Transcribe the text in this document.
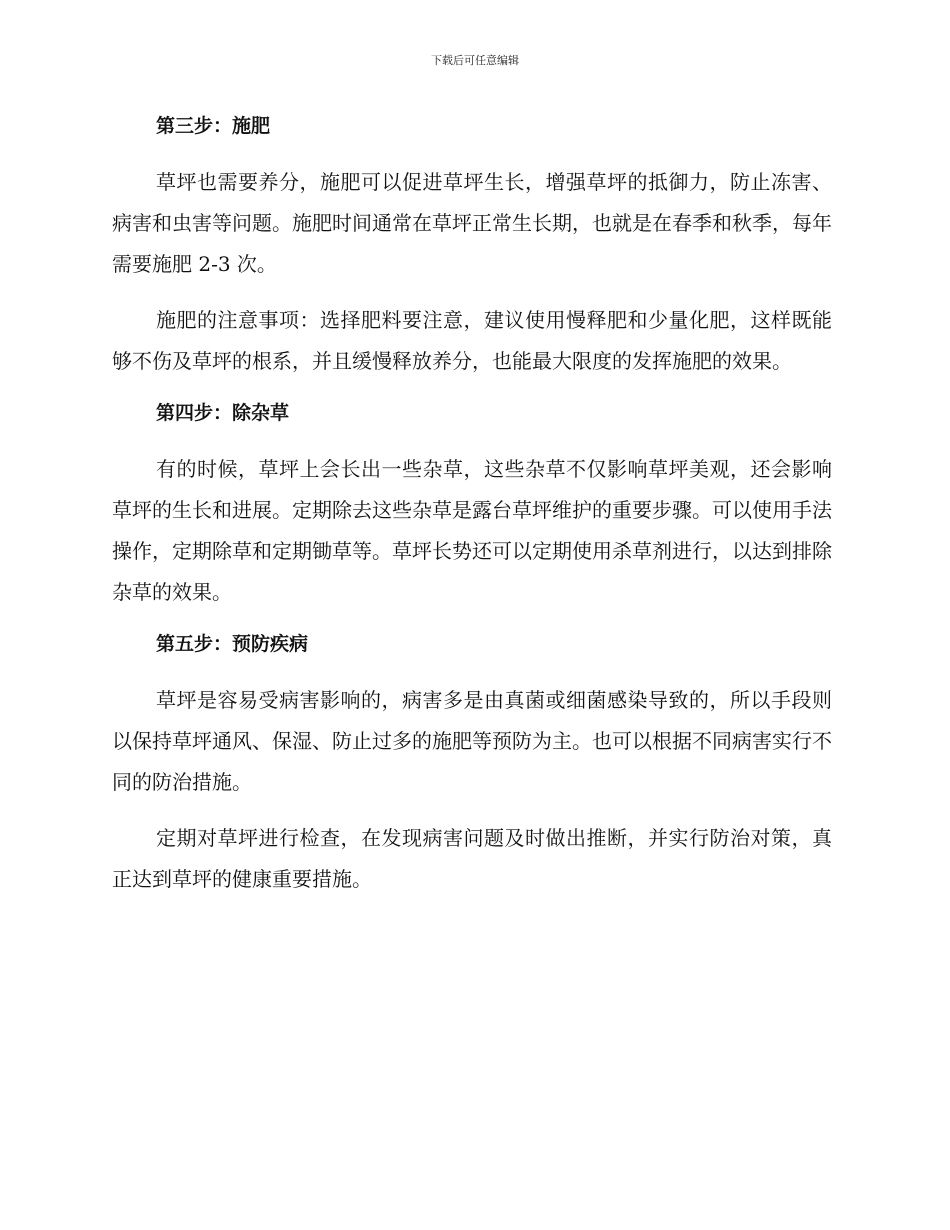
下载后可任意编辑
第三步：施肥

草坪也需要养分，施肥可以促进草坪生长，增强草坪的抵御力，防止冻害、病害和虫害等问题。施肥时间通常在草坪正常生长期，也就是在春季和秋季，每年需要施肥 2-3 次。

施肥的注意事项：选择肥料要注意，建议使用慢释肥和少量化肥，这样既能够不伤及草坪的根系，并且缓慢释放养分，也能最大限度的发挥施肥的效果。

第四步：除杂草

有的时候，草坪上会长出一些杂草，这些杂草不仅影响草坪美观，还会影响草坪的生长和进展。定期除去这些杂草是露台草坪维护的重要步骤。可以使用手法操作，定期除草和定期锄草等。草坪长势还可以定期使用杀草剂进行，以达到排除杂草的效果。

第五步：预防疾病

草坪是容易受病害影响的，病害多是由真菌或细菌感染导致的，所以手段则以保持草坪通风、保湿、防止过多的施肥等预防为主。也可以根据不同病害实行不同的防治措施。

定期对草坪进行检查，在发现病害问题及时做出推断，并实行防治对策，真正达到草坪的健康重要措施。
